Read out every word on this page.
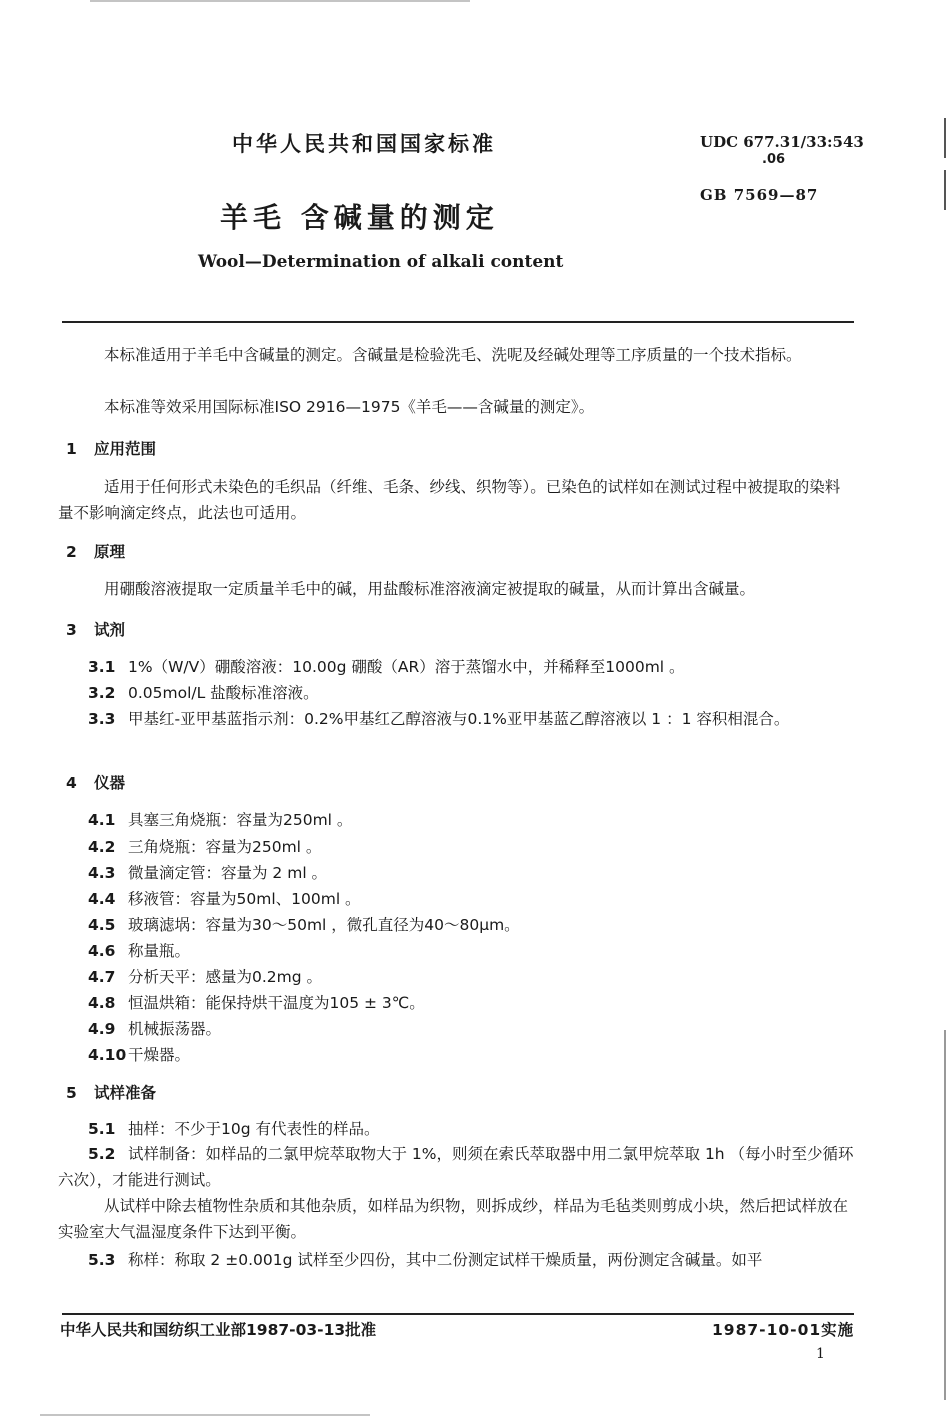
中华人民共和国国家标准	UDC 677.31/33:543
.06
GB 7569—87
羊毛 含碱量的测定
Wool—Determination of alkali content
本标准适用于羊毛中含碱量的测定。含碱量是检验洗毛、洗呢及经碱处理等工序质量的一个技术指标。
本标准等效采用国际标准ISO 2916—1975《羊毛——含碱量的测定》。
1 应用范围
适用于任何形式未染色的毛织品（纤维、毛条、纱线、织物等）。已染色的试样如在测试过程中被提取的染料量不影响滴定终点，此法也可适用。
2 原理
用硼酸溶液提取一定质量羊毛中的碱，用盐酸标准溶液滴定被提取的碱量，从而计算出含碱量。
3 试剂
3.1 1%（W/V）硼酸溶液：10.00g 硼酸（AR）溶于蒸馏水中，并稀释至1000ml 。
3.2 0.05mol/L 盐酸标准溶液。
3.3 甲基红-亚甲基蓝指示剂：0.2%甲基红乙醇溶液与0.1%亚甲基蓝乙醇溶液以 1 ：1 容积相混合。
4 仪器
4.1 具塞三角烧瓶：容量为250ml 。
4.2 三角烧瓶：容量为250ml 。
4.3 微量滴定管：容量为 2 ml 。
4.4 移液管：容量为50ml、100ml 。
4.5 玻璃滤埚：容量为30～50ml ，微孔直径为40～80μm。
4.6 称量瓶。
4.7 分析天平：感量为0.2mg 。
4.8 恒温烘箱：能保持烘干温度为105 ± 3℃。
4.9 机械振荡器。
4.10 干燥器。
5 试样准备
5.1 抽样：不少于10g 有代表性的样品。
5.2 试样制备：如样品的二氯甲烷萃取物大于 1%，则须在索氏萃取器中用二氯甲烷萃取 1h （每小时至少循环六次），才能进行测试。
从试样中除去植物性杂质和其他杂质，如样品为织物，则拆成纱，样品为毛毡类则剪成小块，然后把试样放在实验室大气温湿度条件下达到平衡。
5.3 称样：称取 2 ±0.001g 试样至少四份，其中二份测定试样干燥质量，两份测定含碱量。如平
中华人民共和国纺织工业部1987-03-13批准	1987-10-01实施
1
